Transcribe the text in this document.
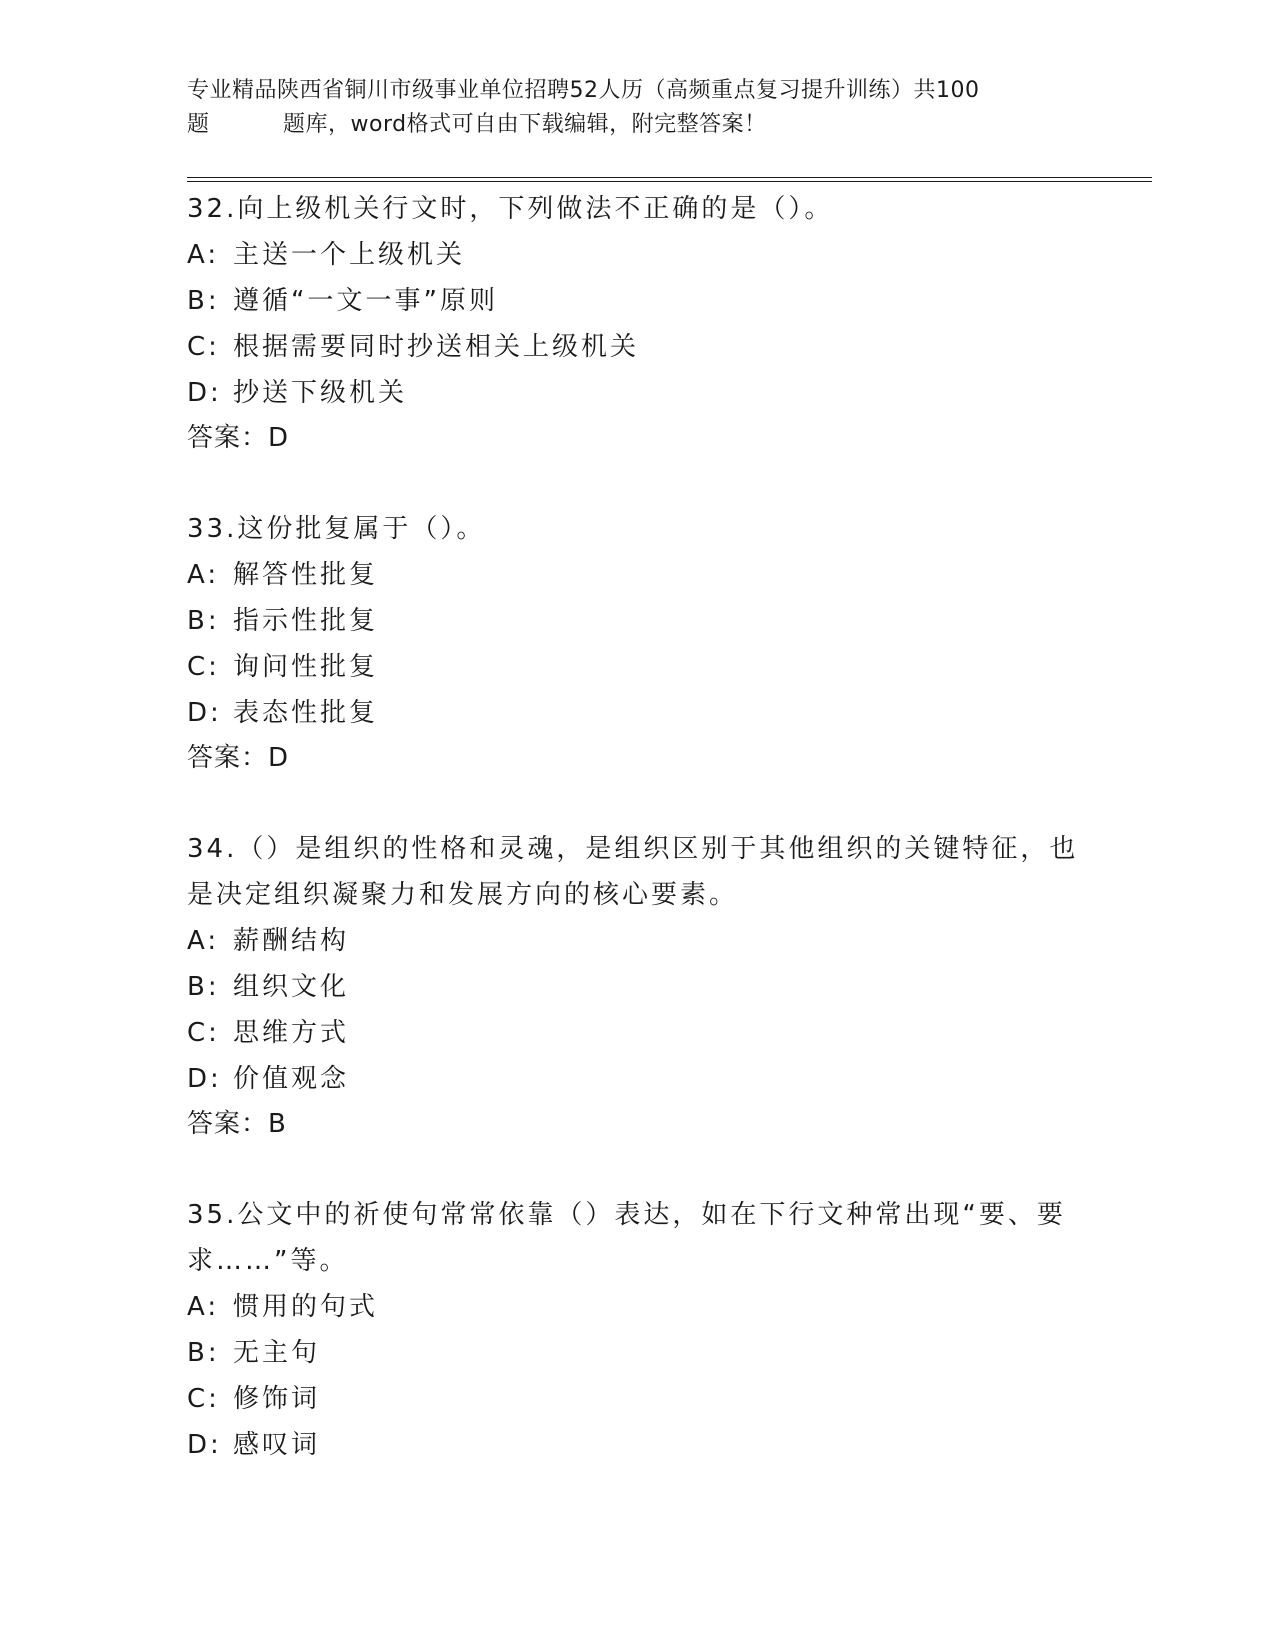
专业精品陕西省铜川市级事业单位招聘52人历（高频重点复习提升训练）共100
题	题库，word格式可自由下载编辑，附完整答案！
32.向上级机关行文时，下列做法不正确的是（）。
A: 主送一个上级机关
B: 遵循“一文一事”原则
C: 根据需要同时抄送相关上级机关
D: 抄送下级机关
答案：D
33.这份批复属于（）。
A: 解答性批复
B: 指示性批复
C: 询问性批复
D: 表态性批复
答案：D
34.（）是组织的性格和灵魂，是组织区别于其他组织的关键特征，也是决定组织凝聚力和发展方向的核心要素。
A: 薪酬结构
B: 组织文化
C: 思维方式
D: 价值观念
答案：B
35.公文中的祈使句常常依靠（）表达，如在下行文种常出现“要、要求……”等。
A: 惯用的句式
B: 无主句
C: 修饰词
D: 感叹词
